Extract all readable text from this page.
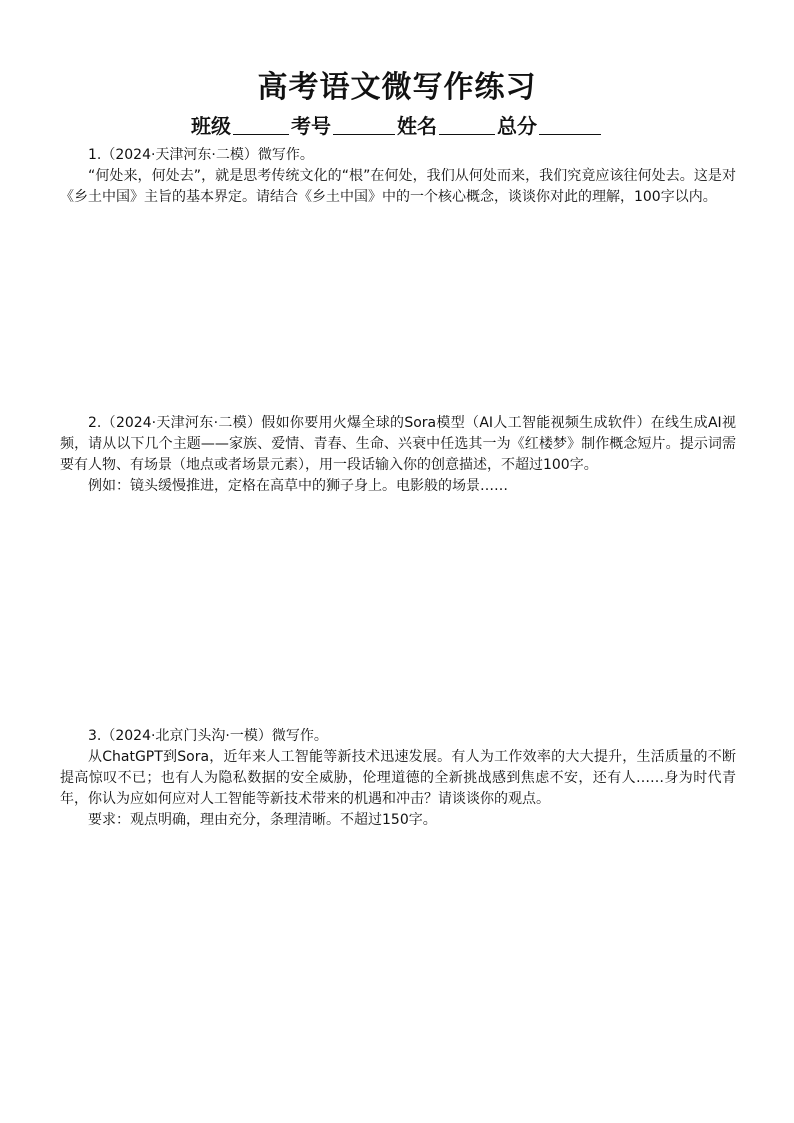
高考语文微写作练习
班级	考号	姓名	总分

1.（2024·天津河东·二模）微写作。

“何处来，何处去”，就是思考传统文化的“根”在何处，我们从何处而来，我们究竟应该往何处去。这是对《乡土中国》主旨的基本界定。请结合《乡土中国》中的一个核心概念，谈谈你对此的理解，100字以内。

2.（2024·天津河东·二模）假如你要用火爆全球的Sora模型（AI人工智能视频生成软件）在线生成AI视频，请从以下几个主题——家族、爱情、青春、生命、兴衰中任选其一为《红楼梦》制作概念短片。提示词需要有人物、有场景（地点或者场景元素），用一段话输入你的创意描述，不超过100字。

例如：镜头缓慢推进，定格在高草中的狮子身上。电影般的场景……

3.（2024·北京门头沟·一模）微写作。

从ChatGPT到Sora，近年来人工智能等新技术迅速发展。有人为工作效率的大大提升，生活质量的不断提高惊叹不已；也有人为隐私数据的安全威胁，伦理道德的全新挑战感到焦虑不安，还有人……身为时代青年，你认为应如何应对人工智能等新技术带来的机遇和冲击？请谈谈你的观点。

要求：观点明确，理由充分，条理清晰。不超过150字。
